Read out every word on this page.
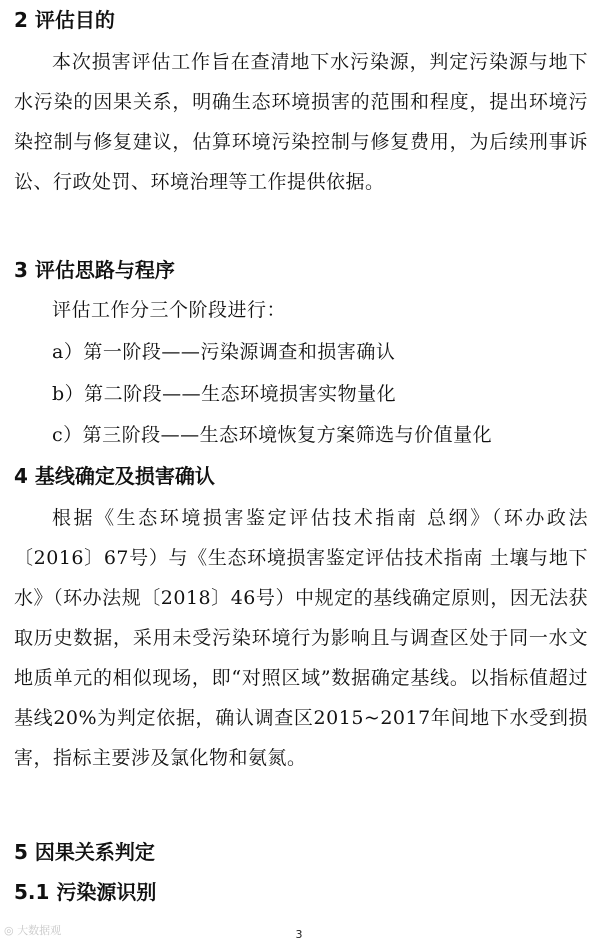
2 评估目的
本次损害评估工作旨在查清地下水污染源，判定污染源与地下水污染的因果关系，明确生态环境损害的范围和程度，提出环境污染控制与修复建议，估算环境污染控制与修复费用，为后续刑事诉讼、行政处罚、环境治理等工作提供依据。
3 评估思路与程序
评估工作分三个阶段进行：
a）第一阶段——污染源调查和损害确认
b）第二阶段——生态环境损害实物量化
c）第三阶段——生态环境恢复方案筛选与价值量化
4 基线确定及损害确认
根据《生态环境损害鉴定评估技术指南 总纲》（环办政法〔2016〕67号）与《生态环境损害鉴定评估技术指南 土壤与地下水》（环办法规〔2018〕46号）中规定的基线确定原则，因无法获取历史数据，采用未受污染环境行为影响且与调查区处于同一水文地质单元的相似现场，即“对照区域”数据确定基线。以指标值超过基线20%为判定依据，确认调查区2015~2017年间地下水受到损害，指标主要涉及氯化物和氨氮。
5 因果关系判定
5.1 污染源识别
◎ 大数据观	3
